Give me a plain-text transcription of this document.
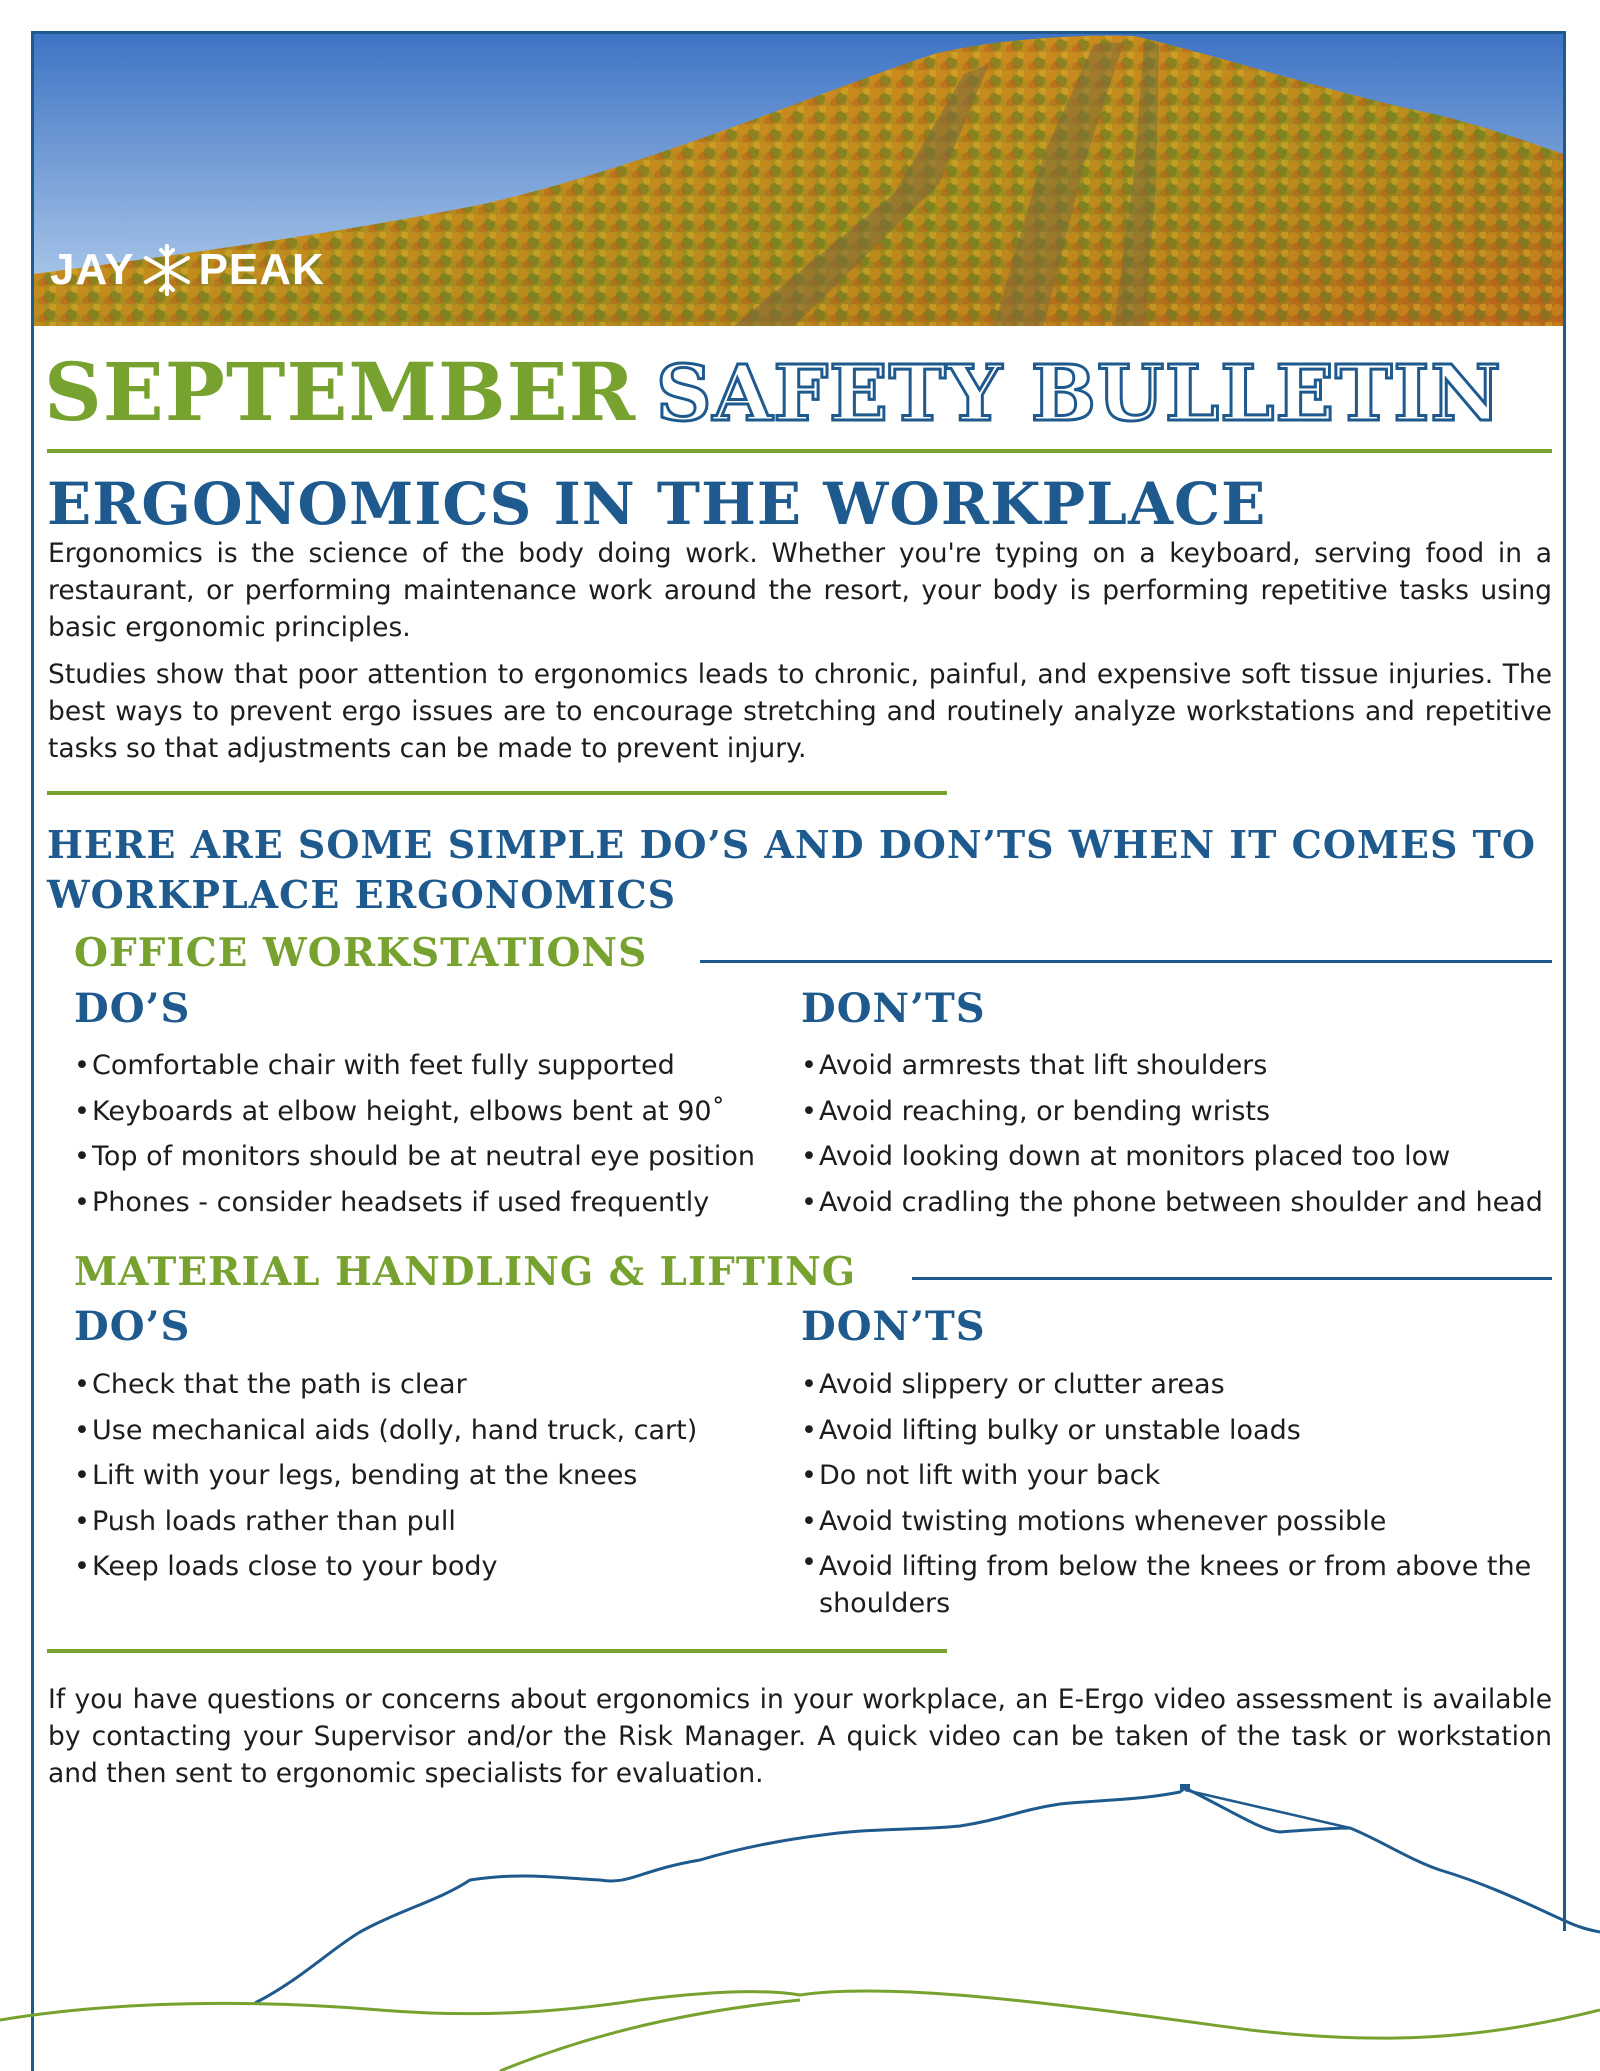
JAY PEAK
SEPTEMBER SAFETY BULLETIN
ERGONOMICS IN THE WORKPLACE

Ergonomics is the science of the body doing work. Whether you're typing on a keyboard, serving food in a restaurant, or performing maintenance work around the resort, your body is performing repetitive tasks using basic ergonomic principles.

Studies show that poor attention to ergonomics leads to chronic, painful, and expensive soft tissue injuries. The best ways to prevent ergo issues are to encourage stretching and routinely analyze workstations and repetitive tasks so that adjustments can be made to prevent injury.

HERE ARE SOME SIMPLE DO’S AND DON’TS WHEN IT COMES TO WORKPLACE ERGONOMICS
OFFICE WORKSTATIONS
DO’S	DON’TS
• Comfortable chair with feet fully supported
• Keyboards at elbow height, elbows bent at 90˚
• Top of monitors should be at neutral eye position
• Phones - consider headsets if used frequently
• Avoid armrests that lift shoulders
• Avoid reaching, or bending wrists
• Avoid looking down at monitors placed too low
• Avoid cradling the phone between shoulder and head
MATERIAL HANDLING & LIFTING
DO’S	DON’TS
• Check that the path is clear
• Use mechanical aids (dolly, hand truck, cart)
• Lift with your legs, bending at the knees
• Push loads rather than pull
• Keep loads close to your body
• Avoid slippery or clutter areas
• Avoid lifting bulky or unstable loads
• Do not lift with your back
• Avoid twisting motions whenever possible
• Avoid lifting from below the knees or from above the shoulders

If you have questions or concerns about ergonomics in your workplace, an E-Ergo video assessment is available by contacting your Supervisor and/or the Risk Manager. A quick video can be taken of the task or workstation and then sent to ergonomic specialists for evaluation.
